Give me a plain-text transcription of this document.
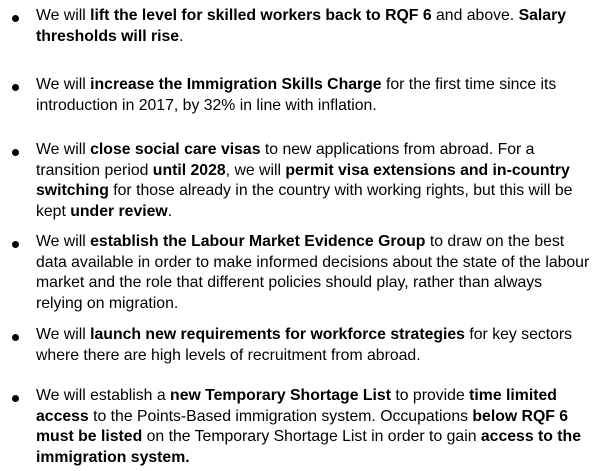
We will lift the level for skilled workers back to RQF 6 and above. Salary thresholds will rise.
We will increase the Immigration Skills Charge for the first time since its introduction in 2017, by 32% in line with inflation.
We will close social care visas to new applications from abroad. For a transition period until 2028, we will permit visa extensions and in-country switching for those already in the country with working rights, but this will be kept under review.
We will establish the Labour Market Evidence Group to draw on the best data available in order to make informed decisions about the state of the labour market and the role that different policies should play, rather than always relying on migration.
We will launch new requirements for workforce strategies for key sectors where there are high levels of recruitment from abroad.
We will establish a new Temporary Shortage List to provide time limited access to the Points-Based immigration system. Occupations below RQF 6 must be listed on the Temporary Shortage List in order to gain access to the immigration system.
